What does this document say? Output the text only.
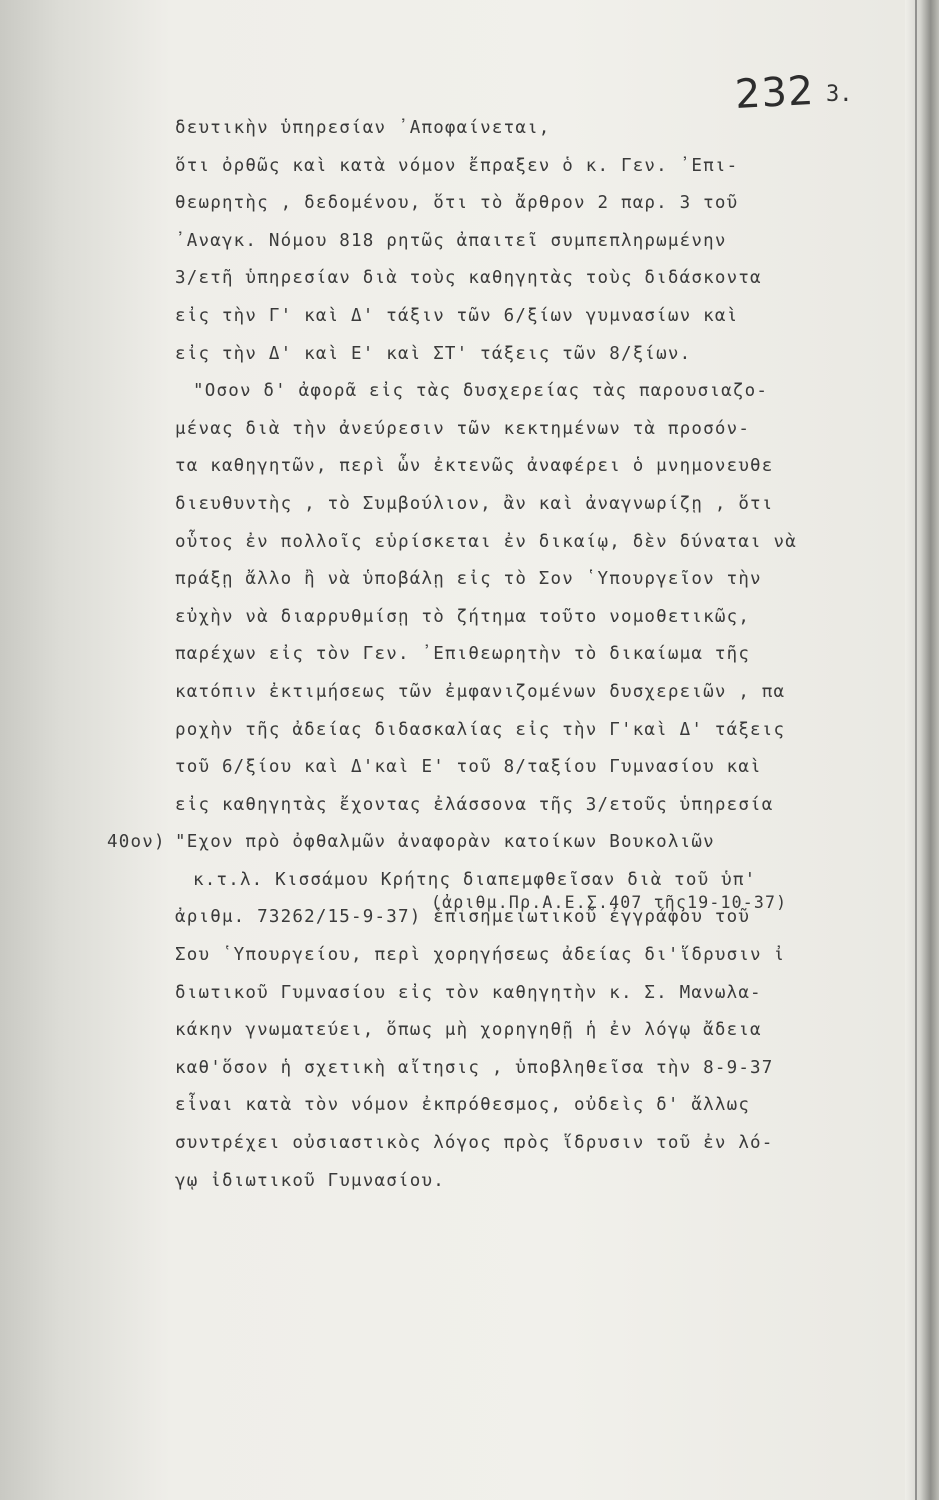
232 3.
δευτικὴν ὑπηρεσίαν ᾿Αποφαίνεται,
ὅτι ὀρθῶς καὶ κατὰ νόμον ἔπραξεν ὁ κ. Γεν. ᾿Επι-
θεωρητὴς , δεδομένου, ὅτι τὸ ἄρθρον 2 παρ. 3 τοῦ
᾿Αναγκ. Νόμου 818 ρητῶς ἀπαιτεῖ συμπεπληρωμένην
3/ετῆ ὑπηρεσίαν διὰ τοὺς καθηγητὰς τοὺς διδάσκοντα
εἰς τὴν Γ' καὶ Δ' τάξιν τῶν 6/ξίων γυμνασίων καὶ
εἰς τὴν Δ' καὶ Ε' καὶ ΣΤ' τάξεις τῶν 8/ξίων.
"Οσον δ' ἀφορᾶ εἰς τὰς δυσχερείας τὰς παρουσιαζο-
μένας διὰ τὴν ἀνεύρεσιν τῶν κεκτημένων τὰ προσόν-
τα καθηγητῶν, περὶ ὧν ἐκτενῶς ἀναφέρει ὁ μνημονευθε
διευθυντὴς , τὸ Συμβούλιον, ἂν καὶ ἀναγνωρίζῃ , ὅτι
οὗτος ἐν πολλοῖς εὑρίσκεται ἐν δικαίῳ, δὲν δύναται νὰ
πράξῃ ἄλλο ἢ νὰ ὑποβάλῃ εἰς τὸ Σον ῾Υπουργεῖον τὴν
εὐχὴν νὰ διαρρυθμίσῃ τὸ ζήτημα τοῦτο νομοθετικῶς,
παρέχων εἰς τὸν Γεν. ᾿Επιθεωρητὴν τὸ δικαίωμα τῆς
κατόπιν ἐκτιμήσεως τῶν ἐμφανιζομένων δυσχερειῶν , πα
ροχὴν τῆς ἀδείας διδασκαλίας εἰς τὴν Γ'καὶ Δ' τάξεις
τοῦ 6/ξίου καὶ Δ'καὶ Ε' τοῦ 8/ταξίου Γυμνασίου καὶ
εἰς καθηγητὰς ἔχοντας ἐλάσσονα τῆς 3/ετοῦς ὑπηρεσία
40ον) "Εχον πρὸ ὀφθαλμῶν ἀναφορὰν κατοίκων Βουκολιῶν
κ.τ.λ. Κισσάμου Κρήτης διαπεμφθεῖσαν διὰ τοῦ ὑπ'
(ἀριθμ.Πρ.Α.Ε.Σ.407 τῆς19-10-37)
ἀριθμ. 73262/15-9-37) ἐπισημειωτικοῦ ἐγγράφου τοῦ
Σου ῾Υπουργείου, περὶ χορηγήσεως ἀδείας δι'ἵδρυσιν ἰ
διωτικοῦ Γυμνασίου εἰς τὸν καθηγητὴν κ. Σ. Μανωλα-
κάκην γνωματεύει, ὅπως μὴ χορηγηθῇ ἡ ἐν λόγῳ ἄδεια
καθ'ὅσον ἡ σχετικὴ αἴτησις , ὑποβληθεῖσα τὴν 8-9-37
εἶναι κατὰ τὸν νόμον ἐκπρόθεσμος, οὐδεὶς δ' ἄλλως
συντρέχει οὐσιαστικὸς λόγος πρὸς ἵδρυσιν τοῦ ἐν λό-
γῳ ἰδιωτικοῦ Γυμνασίου.
